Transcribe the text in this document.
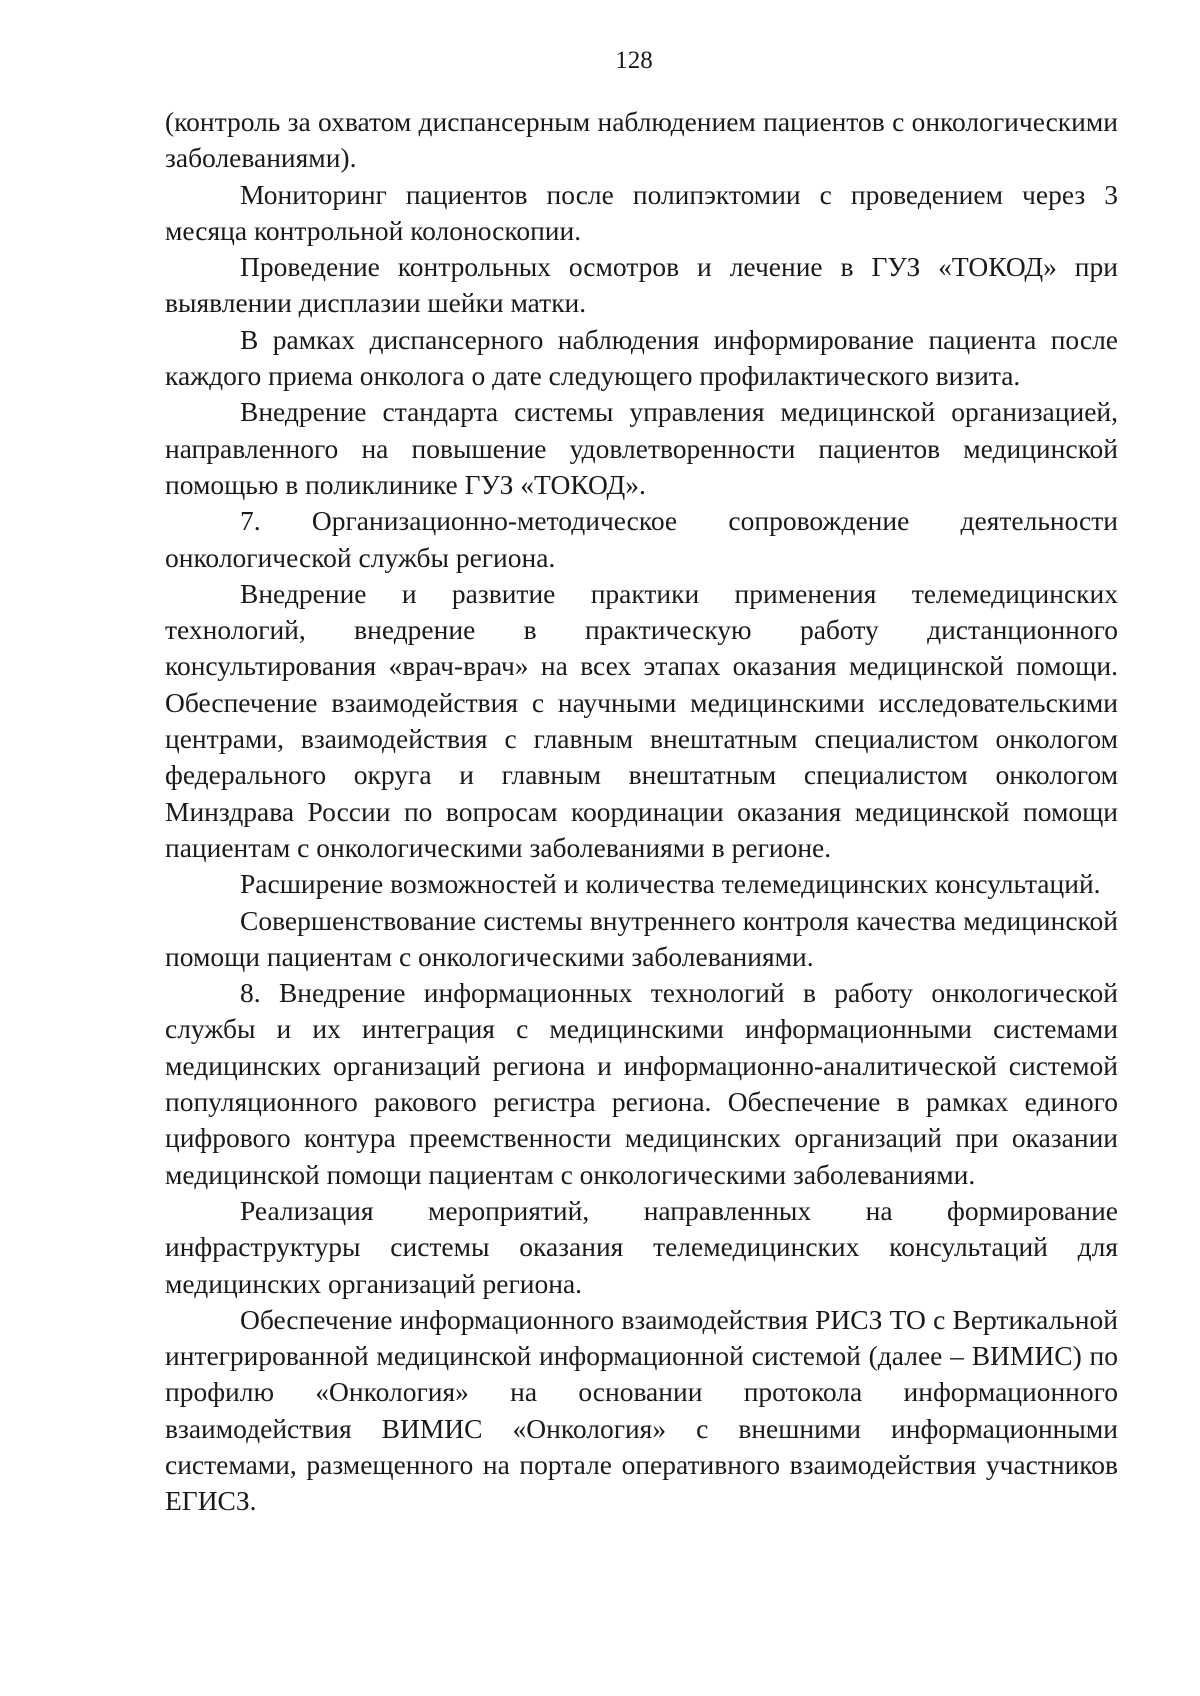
128

(контроль за охватом диспансерным наблюдением пациентов с онкологическими заболеваниями).

Мониторинг пациентов после полипэктомии с проведением через 3 месяца контрольной колоноскопии.

Проведение контрольных осмотров и лечение в ГУЗ «ТОКОД» при выявлении дисплазии шейки матки.

В рамках диспансерного наблюдения информирование пациента после каждого приема онколога о дате следующего профилактического визита.

Внедрение стандарта системы управления медицинской организацией, направленного на повышение удовлетворенности пациентов медицинской помощью в поликлинике ГУЗ «ТОКОД».

7. Организационно-методическое сопровождение деятельности онкологической службы региона.

Внедрение и развитие практики применения телемедицинских технологий, внедрение в практическую работу дистанционного консультирования «врач-врач» на всех этапах оказания медицинской помощи. Обеспечение взаимодействия с научными медицинскими исследовательскими центрами, взаимодействия с главным внештатным специалистом онкологом федерального округа и главным внештатным специалистом онкологом Минздрава России по вопросам координации оказания медицинской помощи пациентам с онкологическими заболеваниями в регионе.

Расширение возможностей и количества телемедицинских консультаций.

Совершенствование системы внутреннего контроля качества медицинской помощи пациентам с онкологическими заболеваниями.

8. Внедрение информационных технологий в работу онкологической службы и их интеграция с медицинскими информационными системами медицинских организаций региона и информационно-аналитической системой популяционного ракового регистра региона. Обеспечение в рамках единого цифрового контура преемственности медицинских организаций при оказании медицинской помощи пациентам с онкологическими заболеваниями.

Реализация мероприятий, направленных на формирование инфраструктуры системы оказания телемедицинских консультаций для медицинских организаций региона.

Обеспечение информационного взаимодействия РИСЗ ТО с Вертикальной интегрированной медицинской информационной системой (далее – ВИМИС) по профилю «Онкология» на основании протокола информационного взаимодействия ВИМИС «Онкология» с внешними информационными системами, размещенного на портале оперативного взаимодействия участников ЕГИСЗ.
